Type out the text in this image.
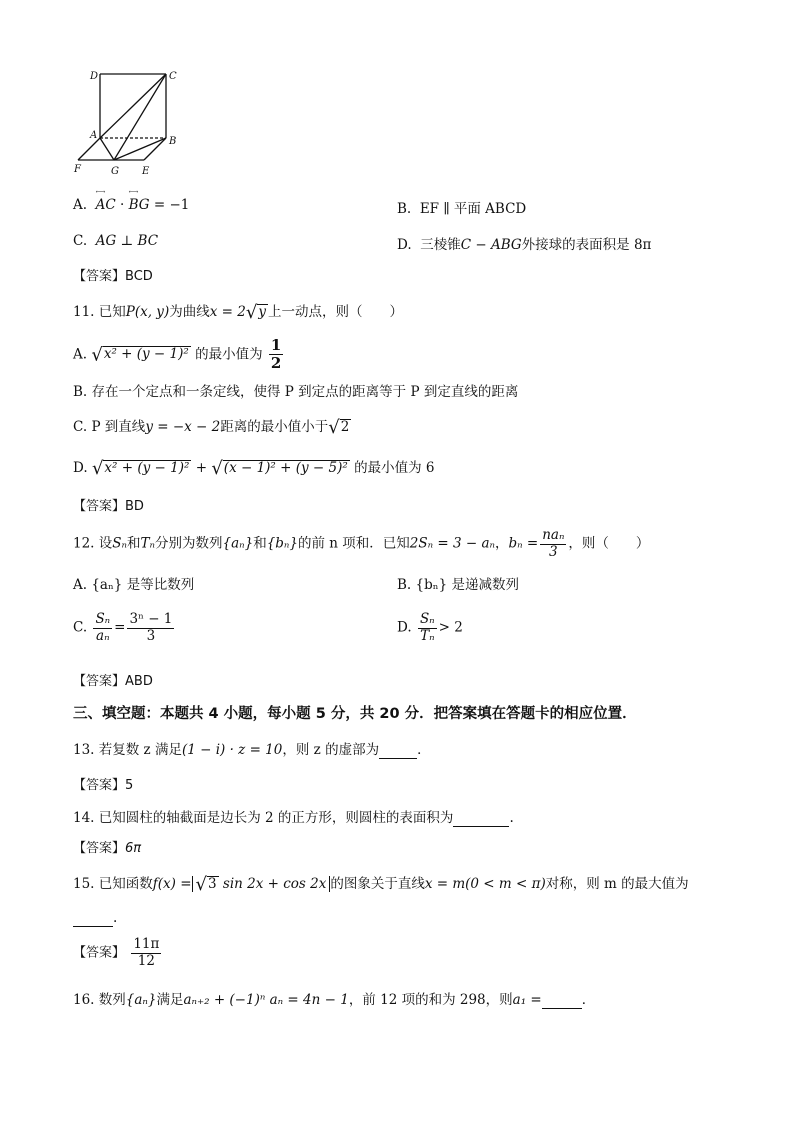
D	C
A
B
F	G E
A. ←→ AC · ←→ BG = −1	B. EF ∥ 平面 ABCD
C. AG ⊥ BC	D. 三棱锥C − ABG外接球的表面积是 8π
【答案】BCD
11. 已知P(x, y)为曲线x = 2√y 上一动点，则（　　）
A. √x² + (y − 1)² 的最小值为 $\frac{1}{2}$
B. 存在一个定点和一条定线，使得 P 到定点的距离等于 P 到定直线的距离
C. P 到直线y = −x − 2距离的最小值小于√2
D. √x² + (y − 1)² + √(x − 1)² + (y − 5)² 的最小值为 6
【答案】BD
12. 设Sₙ和Tₙ分别为数列{aₙ}和{bₙ}的前 n 项和．已知2Sₙ = 3 − aₙ，$b_n = \frac{\text{naₙ}}{3}$ ，则（　　）
A. {aₙ} 是等比数列	B. {bₙ} 是递减数列
C. $\frac{\text{Sₙ}}{\text{aₙ}} = \frac{\text{3ⁿ − 1}}{3}$	D. $\frac{\text{Sₙ}}{\text{Tₙ}} > 2$
【答案】ABD
三、填空题：本题共 4 小题，每小题 5 分，共 20 分．把答案填在答题卡的相应位置．
13. 若复数 z 满足(1 − i) · z = 10，则 z 的虚部为	．
【答案】5
14. 已知圆柱的轴截面是边长为 2 的正方形，则圆柱的表面积为	.
【答案】6π
15. 已知函数f(x) = √3 sin 2x + cos 2x 的图象关于直线x = m(0 < m < π)对称，则 m 的最大值为
.
【答案】 $\frac{11\pi}{12}$
16. 数列{aₙ}满足aₙ₊₂ + (−1)ⁿ aₙ = 4n − 1，前 12 项的和为 298，则a₁ =	．
